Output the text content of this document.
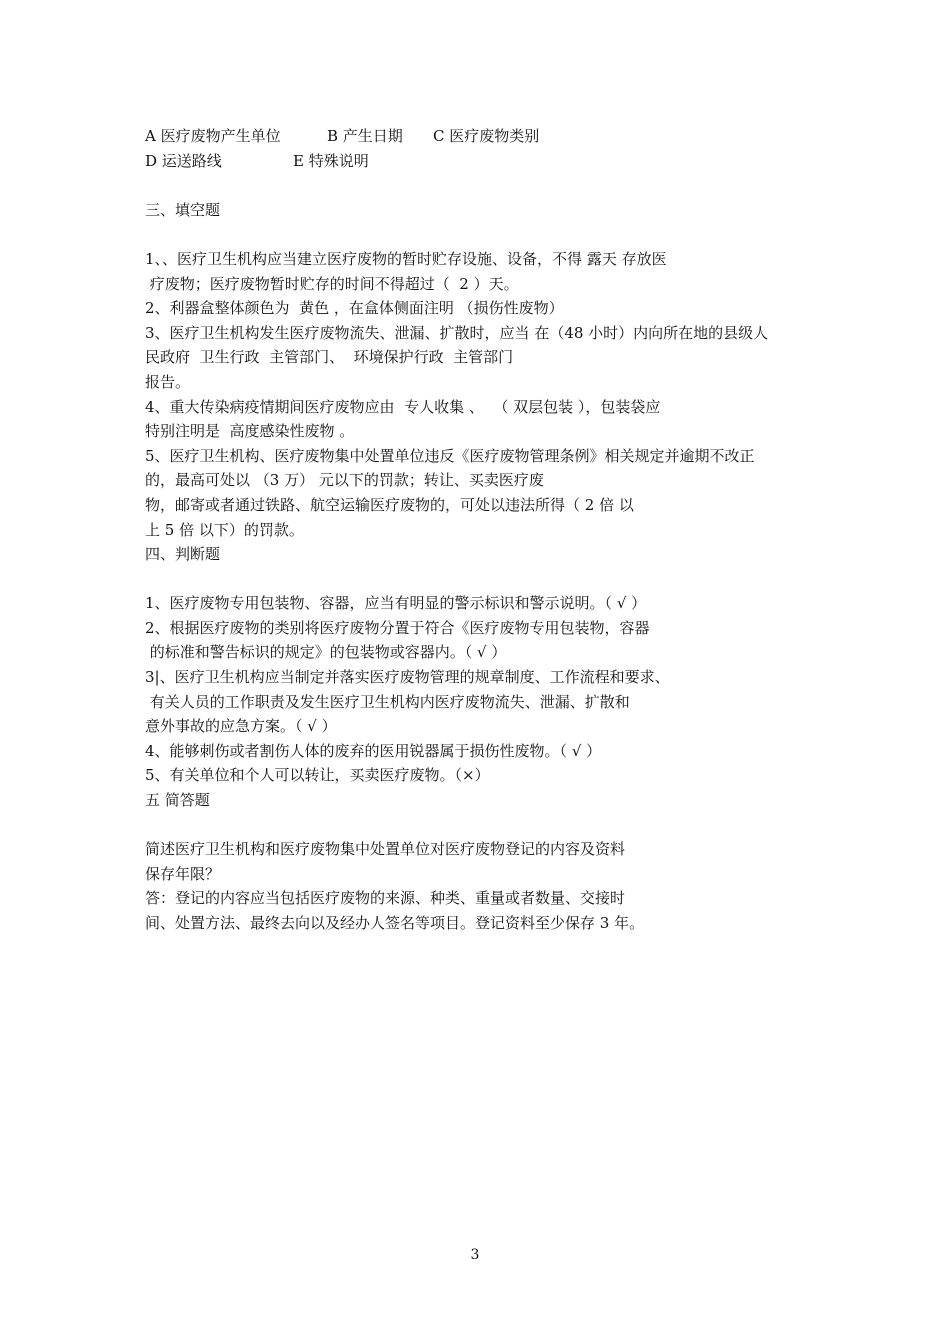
A 医疗废物产生单位	B 产生日期 C 医疗废物类别
D 运送路线	E 特殊说明
三、填空题
1、、医疗卫生机构应当建立医疗废物的暂时贮存设施、设备，不得 露天 存放医
疗废物；医疗废物暂时贮存的时间不得超过（  2 ）天。
2、利器盒整体颜色为  黄色 ，在盒体侧面注明 （损伤性废物）
3、医疗卫生机构发生医疗废物流失、泄漏、扩散时，应当 在（48 小时）内向所在地的县级人
民政府  卫生行政  主管部门、  环境保护行政  主管部门
报告。
4、重大传染病疫情期间医疗废物应由  专人收集 、  （ 双层包装 ），包装袋应
特别注明是  高度感染性废物 。
5、医疗卫生机构、医疗废物集中处置单位违反《医疗废物管理条例》相关规定并逾期不改正
的，最高可处以 （3 万） 元以下的罚款；转让、买卖医疗废
物，邮寄或者通过铁路、航空运输医疗废物的，可处以违法所得（ 2 倍 以
上 5 倍 以下）的罚款。
四、判断题
1、医疗废物专用包装物、容器，应当有明显的警示标识和警示说明。（ √ ）
2、根据医疗废物的类别将医疗废物分置于符合《医疗废物专用包装物，容器
的标准和警告标识的规定》的包装物或容器内。（ √ ）
3|、医疗卫生机构应当制定并落实医疗废物管理的规章制度、工作流程和要求、
有关人员的工作职责及发生医疗卫生机构内医疗废物流失、泄漏、扩散和
意外事故的应急方案。（ √ ）
4、能够刺伤或者割伤人体的废弃的医用锐器属于损伤性废物。（ √ ）
5、有关单位和个人可以转让，买卖医疗废物。（×）
五 简答题
简述医疗卫生机构和医疗废物集中处置单位对医疗废物登记的内容及资料
保存年限？
答：登记的内容应当包括医疗废物的来源、种类、重量或者数量、交接时
间、处置方法、最终去向以及经办人签名等项目。登记资料至少保存 3 年。
3
